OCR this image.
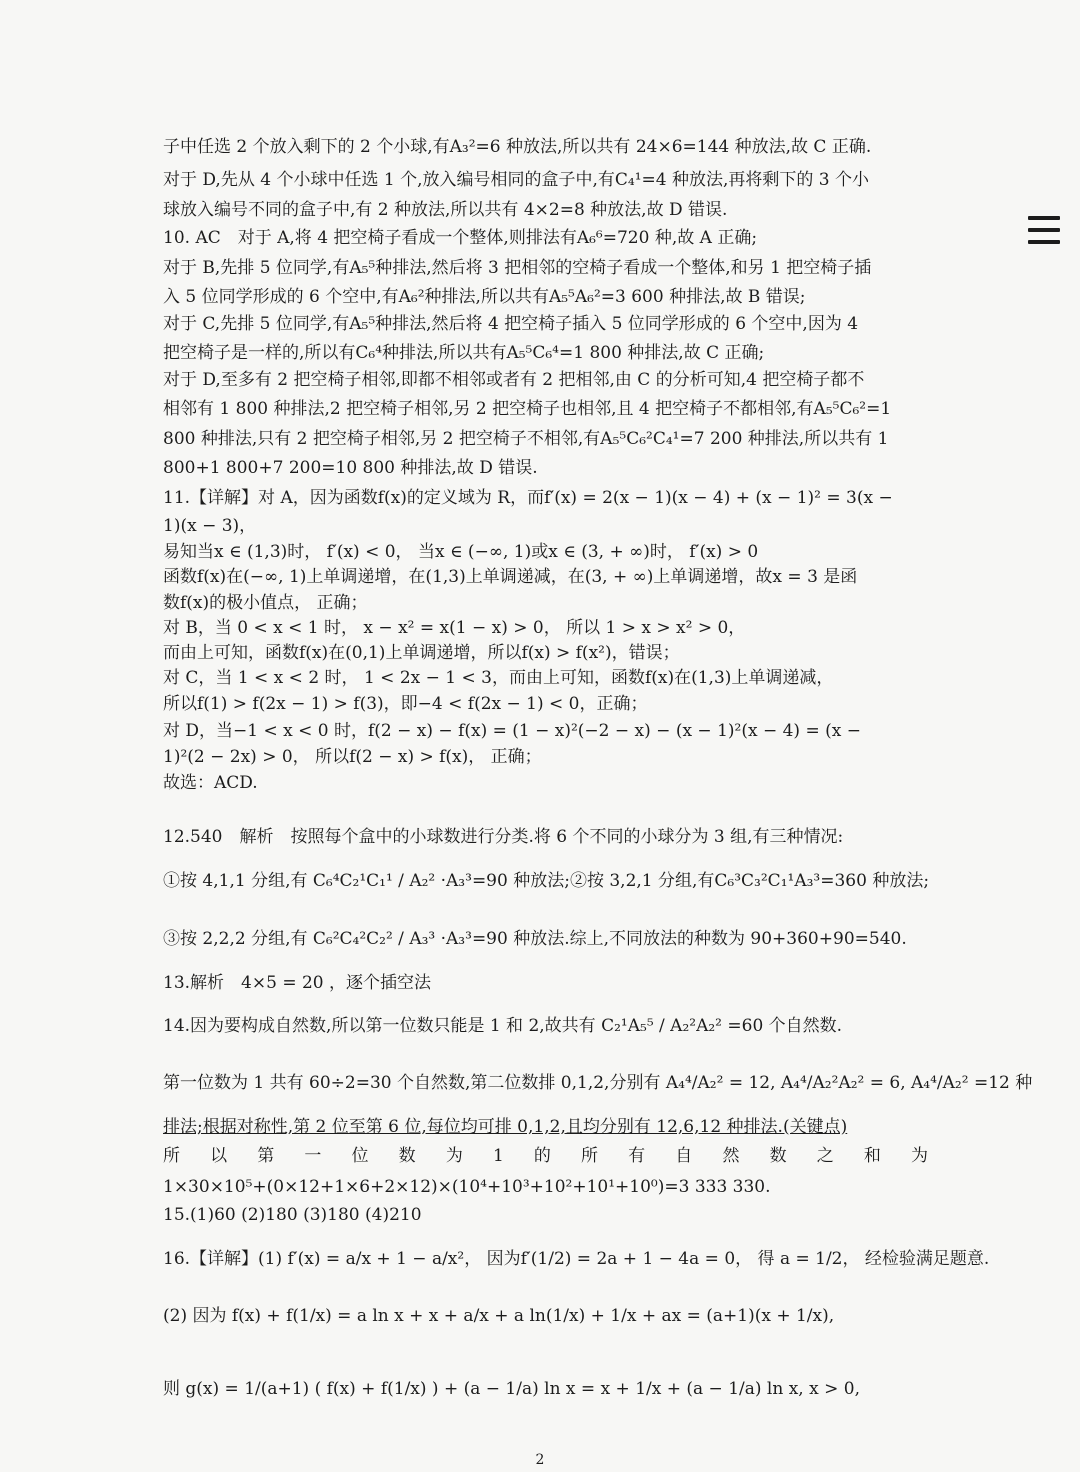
子中任选 2 个放入剩下的 2 个小球,有A₃²=6 种放法,所以共有 24×6=144 种放法,故 C 正确.
对于 D,先从 4 个小球中任选 1 个,放入编号相同的盒子中,有C₄¹=4 种放法,再将剩下的 3 个小
球放入编号不同的盒子中,有 2 种放法,所以共有 4×2=8 种放法,故 D 错误.
10. AC　对于 A,将 4 把空椅子看成一个整体,则排法有A₆⁶=720 种,故 A 正确;
对于 B,先排 5 位同学,有A₅⁵种排法,然后将 3 把相邻的空椅子看成一个整体,和另 1 把空椅子插
入 5 位同学形成的 6 个空中,有A₆²种排法,所以共有A₅⁵A₆²=3 600 种排法,故 B 错误;
对于 C,先排 5 位同学,有A₅⁵种排法,然后将 4 把空椅子插入 5 位同学形成的 6 个空中,因为 4
把空椅子是一样的,所以有C₆⁴种排法,所以共有A₅⁵C₆⁴=1 800 种排法,故 C 正确;
对于 D,至多有 2 把空椅子相邻,即都不相邻或者有 2 把相邻,由 C 的分析可知,4 把空椅子都不
相邻有 1 800 种排法,2 把空椅子相邻,另 2 把空椅子也相邻,且 4 把空椅子不都相邻,有A₅⁵C₆²=1
800 种排法,只有 2 把空椅子相邻,另 2 把空椅子不相邻,有A₅⁵C₆²C₄¹=7 200 种排法,所以共有 1
800+1 800+7 200=10 800 种排法,故 D 错误.
11.【详解】对 A，因为函数f(x)的定义域为 R，而f′(x) = 2(x − 1)(x − 4) + (x − 1)² = 3(x −
1)(x − 3)，
易知当x ∈ (1,3)时， f′(x) < 0， 当x ∈ (−∞, 1)或x ∈ (3, + ∞)时， f′(x) > 0
函数f(x)在(−∞, 1)上单调递增，在(1,3)上单调递减，在(3, + ∞)上单调递增，故x = 3 是函
数f(x)的极小值点， 正确；
对 B，当 0 < x < 1 时， x − x² = x(1 − x) > 0， 所以 1 > x > x² > 0，
而由上可知，函数f(x)在(0,1)上单调递增，所以f(x) > f(x²)，错误；
对 C，当 1 < x < 2 时， 1 < 2x − 1 < 3，而由上可知，函数f(x)在(1,3)上单调递减，
所以f(1) > f(2x − 1) > f(3)，即−4 < f(2x − 1) < 0，正确；
对 D，当−1 < x < 0 时，f(2 − x) − f(x) = (1 − x)²(−2 − x) − (x − 1)²(x − 4) = (x −
1)²(2 − 2x) > 0， 所以f(2 − x) > f(x)， 正确；
故选：ACD.
12.540　解析　按照每个盒中的小球数进行分类.将 6 个不同的小球分为 3 组,有三种情况:
①按 4,1,1 分组,有 C₆⁴C₂¹C₁¹ / A₂² ·A₃³=90 种放法;②按 3,2,1 分组,有C₆³C₃²C₁¹A₃³=360 种放法;
③按 2,2,2 分组,有 C₆²C₄²C₂² / A₃³ ·A₃³=90 种放法.综上,不同放法的种数为 90+360+90=540.
13.解析　4×5 = 20 ，逐个插空法
14.因为要构成自然数,所以第一位数只能是 1 和 2,故共有 C₂¹A₅⁵ / A₂²A₂² =60 个自然数.
第一位数为 1 共有 60÷2=30 个自然数,第二位数排 0,1,2,分别有 A₄⁴/A₂² = 12, A₄⁴/A₂²A₂² = 6, A₄⁴/A₂² =12 种
排法;根据对称性,第 2 位至第 6 位,每位均可排 0,1,2,且均分别有 12,6,12 种排法.(关键点)
所　以　第　一　位　数　为　1　的　所　有　自　然　数　之　和　为
1×30×10⁵+(0×12+1×6+2×12)×(10⁴+10³+10²+10¹+10⁰)=3 333 330.
15.(1)60 (2)180 (3)180 (4)210
16.【详解】(1) f′(x) = a/x + 1 − a/x²， 因为f′(1/2) = 2a + 1 − 4a = 0， 得 a = 1/2， 经检验满足题意.
(2) 因为 f(x) + f(1/x) = a ln x + x + a/x + a ln(1/x) + 1/x + ax = (a+1)(x + 1/x),
则 g(x) = 1/(a+1) ( f(x) + f(1/x) ) + (a − 1/a) ln x = x + 1/x + (a − 1/a) ln x, x > 0,
2
